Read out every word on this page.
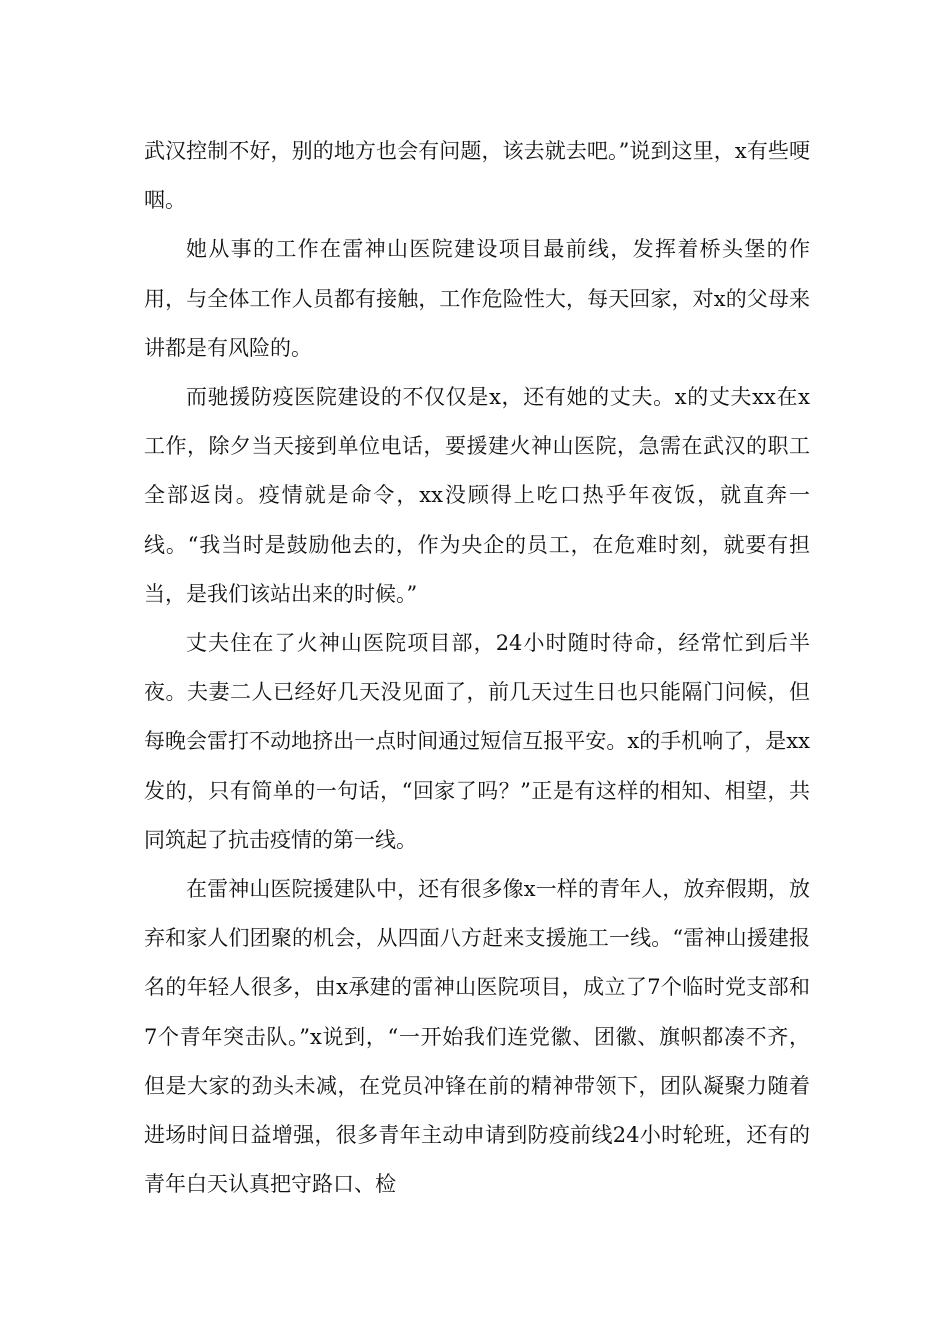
武汉控制不好，别的地方也会有问题，该去就去吧。”说到这里，x有些哽咽。

她从事的工作在雷神山医院建设项目最前线，发挥着桥头堡的作用，与全体工作人员都有接触，工作危险性大，每天回家，对x的父母来讲都是有风险的。

而驰援防疫医院建设的不仅仅是x，还有她的丈夫。x的丈夫xx在x工作，除夕当天接到单位电话，要援建火神山医院，急需在武汉的职工全部返岗。疫情就是命令，xx没顾得上吃口热乎年夜饭，就直奔一线。“我当时是鼓励他去的，作为央企的员工，在危难时刻，就要有担当，是我们该站出来的时候。”

丈夫住在了火神山医院项目部，24小时随时待命，经常忙到后半夜。夫妻二人已经好几天没见面了，前几天过生日也只能隔门问候，但每晚会雷打不动地挤出一点时间通过短信互报平安。x的手机响了，是xx发的，只有简单的一句话，“回家了吗？”正是有这样的相知、相望，共同筑起了抗击疫情的第一线。

在雷神山医院援建队中，还有很多像x一样的青年人，放弃假期，放弃和家人们团聚的机会，从四面八方赶来支援施工一线。“雷神山援建报名的年轻人很多，由x承建的雷神山医院项目，成立了7个临时党支部和7个青年突击队。”x说到，“一开始我们连党徽、团徽、旗帜都凑不齐，但是大家的劲头未减，在党员冲锋在前的精神带领下，团队凝聚力随着进场时间日益增强，很多青年主动申请到防疫前线24小时轮班，还有的青年白天认真把守路口、检
